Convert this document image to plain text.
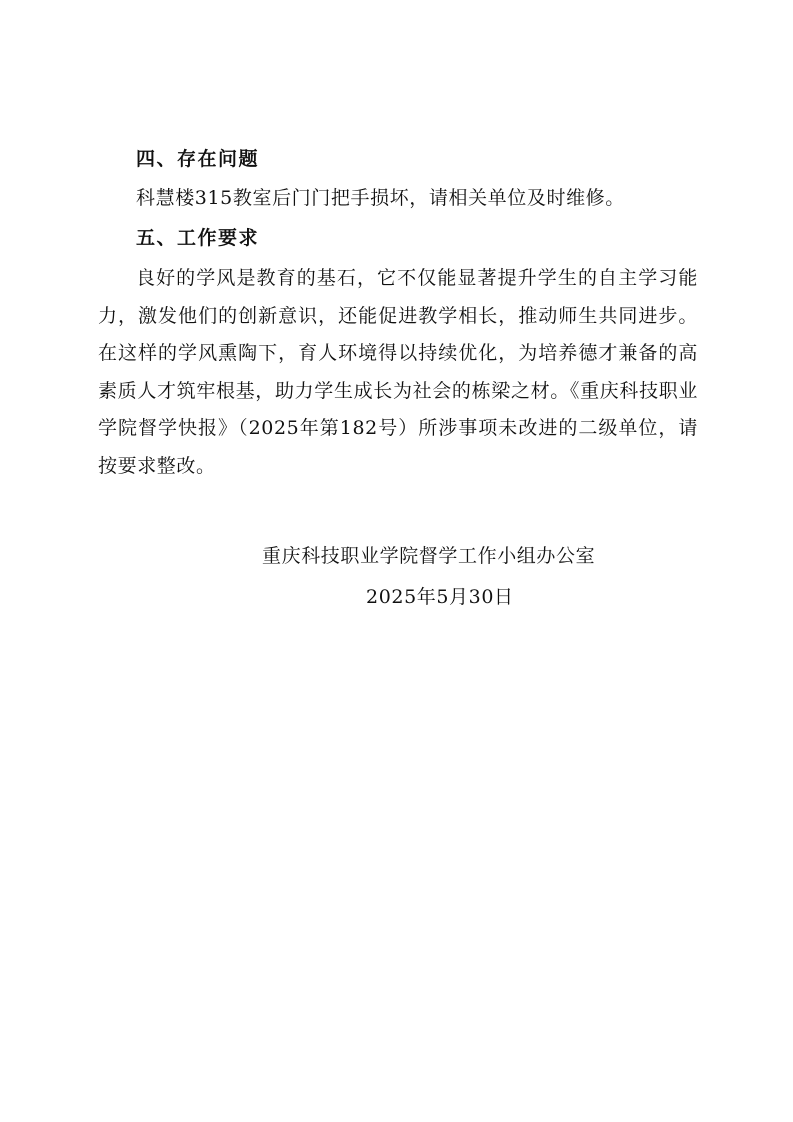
四、存在问题
科慧楼315教室后门门把手损坏，请相关单位及时维修。
五、工作要求
良好的学风是教育的基石，它不仅能显著提升学生的自主学习能力，激发他们的创新意识，还能促进教学相长，推动师生共同进步。在这样的学风熏陶下，育人环境得以持续优化，为培养德才兼备的高素质人才筑牢根基，助力学生成长为社会的栋梁之材。《重庆科技职业学院督学快报》（2025年第182号）所涉事项未改进的二级单位，请按要求整改。
重庆科技职业学院督学工作小组办公室
2025年5月30日
